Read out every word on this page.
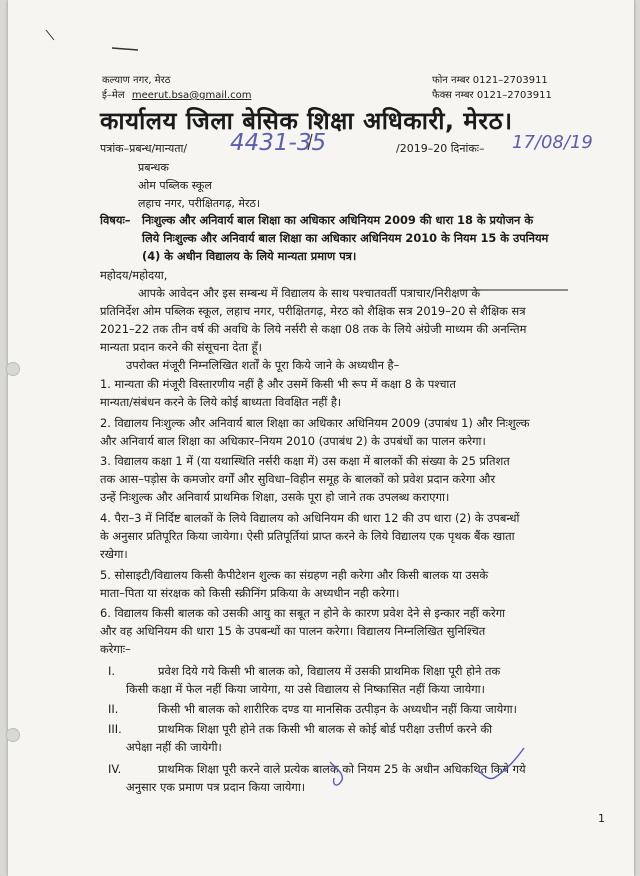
कल्याण नगर, मेरठ
ई–मेल meerut.bsa@gmail.com
फोन नम्बर 0121–2703911
फैक्स नम्बर 0121–2703911
कार्यालय जिला बेसिक शिक्षा अधिकारी, मेरठ।
पत्रांक–प्रबन्ध/मान्यता/ 4431-35	/2019–20 दिनांकः– 17/08/19
प्रबन्धक
ओम पब्लिक स्कूल
लहाच नगर, परीक्षितगढ़, मेरठ।
विषयः– निःशुल्क और अनिवार्य बाल शिक्षा का अधिकार अधिनियम 2009 की धारा 18 के प्रयोजन के
लिये निःशुल्क और अनिवार्य बाल शिक्षा का अधिकार अधिनियम 2010 के नियम 15 के उपनियम
(4) के अधीन विद्यालय के लिये मान्यता प्रमाण पत्र।
महोदय/महोदया,
आपके आवेदन और इस सम्बन्ध में विद्यालय के साथ पश्चातवर्ती पत्राचार/निरीक्षण के
प्रतिनिर्देश ओम पब्लिक स्कूल, लहाच नगर, परीक्षितगढ़, मेरठ को शैक्षिक सत्र 2019–20 से शैक्षिक सत्र
2021–22 तक तीन वर्ष की अवधि के लिये नर्सरी से कक्षा 08 तक के लिये अंग्रेजी माध्यम की अनन्तिम
मान्यता प्रदान करने की संसूचना देता हूँ।
उपरोक्त मंजूरी निम्नलिखित शर्तों के पूरा किये जाने के अध्यधीन है–
1. मान्यता की मंजूरी विस्तारणीय नहीं है और उसमें किसी भी रूप में कक्षा 8 के पश्चात
मान्यता/संबंधन करने के लिये कोई बाध्यता विवक्षित नहीं है।
2. विद्यालय निःशुल्क और अनिवार्य बाल शिक्षा का अधिकार अधिनियम 2009 (उपाबंध 1) और निःशुल्क
और अनिवार्य बाल शिक्षा का अधिकार–नियम 2010 (उपाबंध 2) के उपबंधों का पालन करेगा।
3. विद्यालय कक्षा 1 में (या यथास्थिति नर्सरी कक्षा में) उस कक्षा में बालकों की संख्या के 25 प्रतिशत
तक आस–पड़ोस के कमजोर वर्गों और सुविधा–विहीन समूह के बालकों को प्रवेश प्रदान करेगा और
उन्हें निःशुल्क और अनिवार्य प्राथमिक शिक्षा, उसके पूरा हो जाने तक उपलब्ध कराएगा।
4. पैरा–3 में निर्दिष्ट बालकों के लिये विद्यालय को अधिनियम की धारा 12 की उप धारा (2) के उपबन्धों
के अनुसार प्रतिपूरित किया जायेगा। ऐसी प्रतिपूर्तियां प्राप्त करने के लिये विद्यालय एक पृथक बैंक खाता
रखेगा।
5. सोसाइटी/विद्यालय किसी कैपीटेशन शुल्क का संग्रहण नही करेगा और किसी बालक या उसके
माता–पिता या संरक्षक को किसी स्क्रीनिंग प्रकिया के अध्यधीन नही करेगा।
6. विद्यालय किसी बालक को उसकी आयु का सबूत न होने के कारण प्रवेश देने से इन्कार नहीं करेगा
और वह अधिनियम की धारा 15 के उपबन्धों का पालन करेगा। विद्यालय निम्नलिखित सुनिश्चित
करेगाः–
I.	प्रवेश दिये गये किसी भी बालक को, विद्यालय में उसकी प्राथमिक शिक्षा पूरी होने तक
किसी कक्षा में फेल नहीं किया जायेगा, या उसे विद्यालय से निष्कासित नहीं किया जायेगा।
II.	किसी भी बालक को शारीरिक दण्ड या मानसिक उत्पीड़न के अध्यधीन नहीं किया जायेगा।
III.	प्राथमिक शिक्षा पूरी होने तक किसी भी बालक से कोई बोर्ड परीक्षा उत्तीर्ण करने की
अपेक्षा नहीं की जायेगी।
IV.	प्राथमिक शिक्षा पूरी करने वाले प्रत्येक बालक को नियम 25 के अधीन अधिकथित किये गये
अनुसार एक प्रमाण पत्र प्रदान किया जायेगा।
1
